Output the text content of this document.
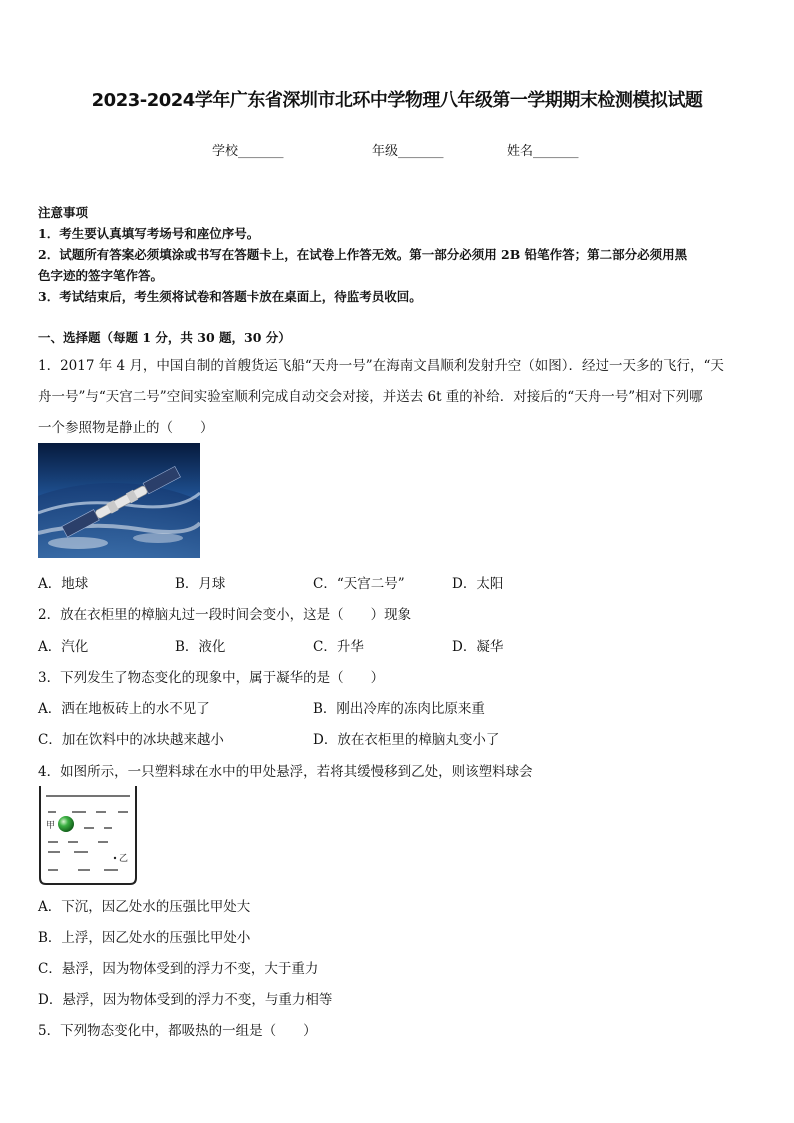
2023-2024学年广东省深圳市北环中学物理八年级第一学期期末检测模拟试题
学校_______	年级_______	姓名_______
注意事项
1．考生要认真填写考场号和座位序号。
2．试题所有答案必须填涂或书写在答题卡上，在试卷上作答无效。第一部分必须用 2B 铅笔作答；第二部分必须用黑
色字迹的签字笔作答。
3．考试结束后，考生须将试卷和答题卡放在桌面上，待监考员收回。
一、选择题（每题 1 分，共 30 题，30 分）
1．2017 年 4 月，中国自制的首艘货运飞船“天舟一号”在海南文昌顺利发射升空（如图）．经过一天多的飞行，“天
舟一号”与“天宫二号”空间实验室顺利完成自动交会对接，并送去 6t 重的补给．对接后的“天舟一号”相对下列哪
一个参照物是静止的（　　）
A．地球	B．月球	C．“天宫二号”	D．太阳
2．放在衣柜里的樟脑丸过一段时间会变小，这是（　　）现象
A．汽化	B．液化	C．升华	D．凝华
3．下列发生了物态变化的现象中，属于凝华的是（　　）
A．洒在地板砖上的水不见了	B．刚出冷库的冻肉比原来重
C．加在饮料中的冰块越来越小	D．放在衣柜里的樟脑丸变小了
4．如图所示，一只塑料球在水中的甲处悬浮，若将其缓慢移到乙处，则该塑料球会
甲
乙
A．下沉，因乙处水的压强比甲处大
B．上浮，因乙处水的压强比甲处小
C．悬浮，因为物体受到的浮力不变，大于重力
D．悬浮，因为物体受到的浮力不变，与重力相等
5．下列物态变化中，都吸热的一组是（　　）
